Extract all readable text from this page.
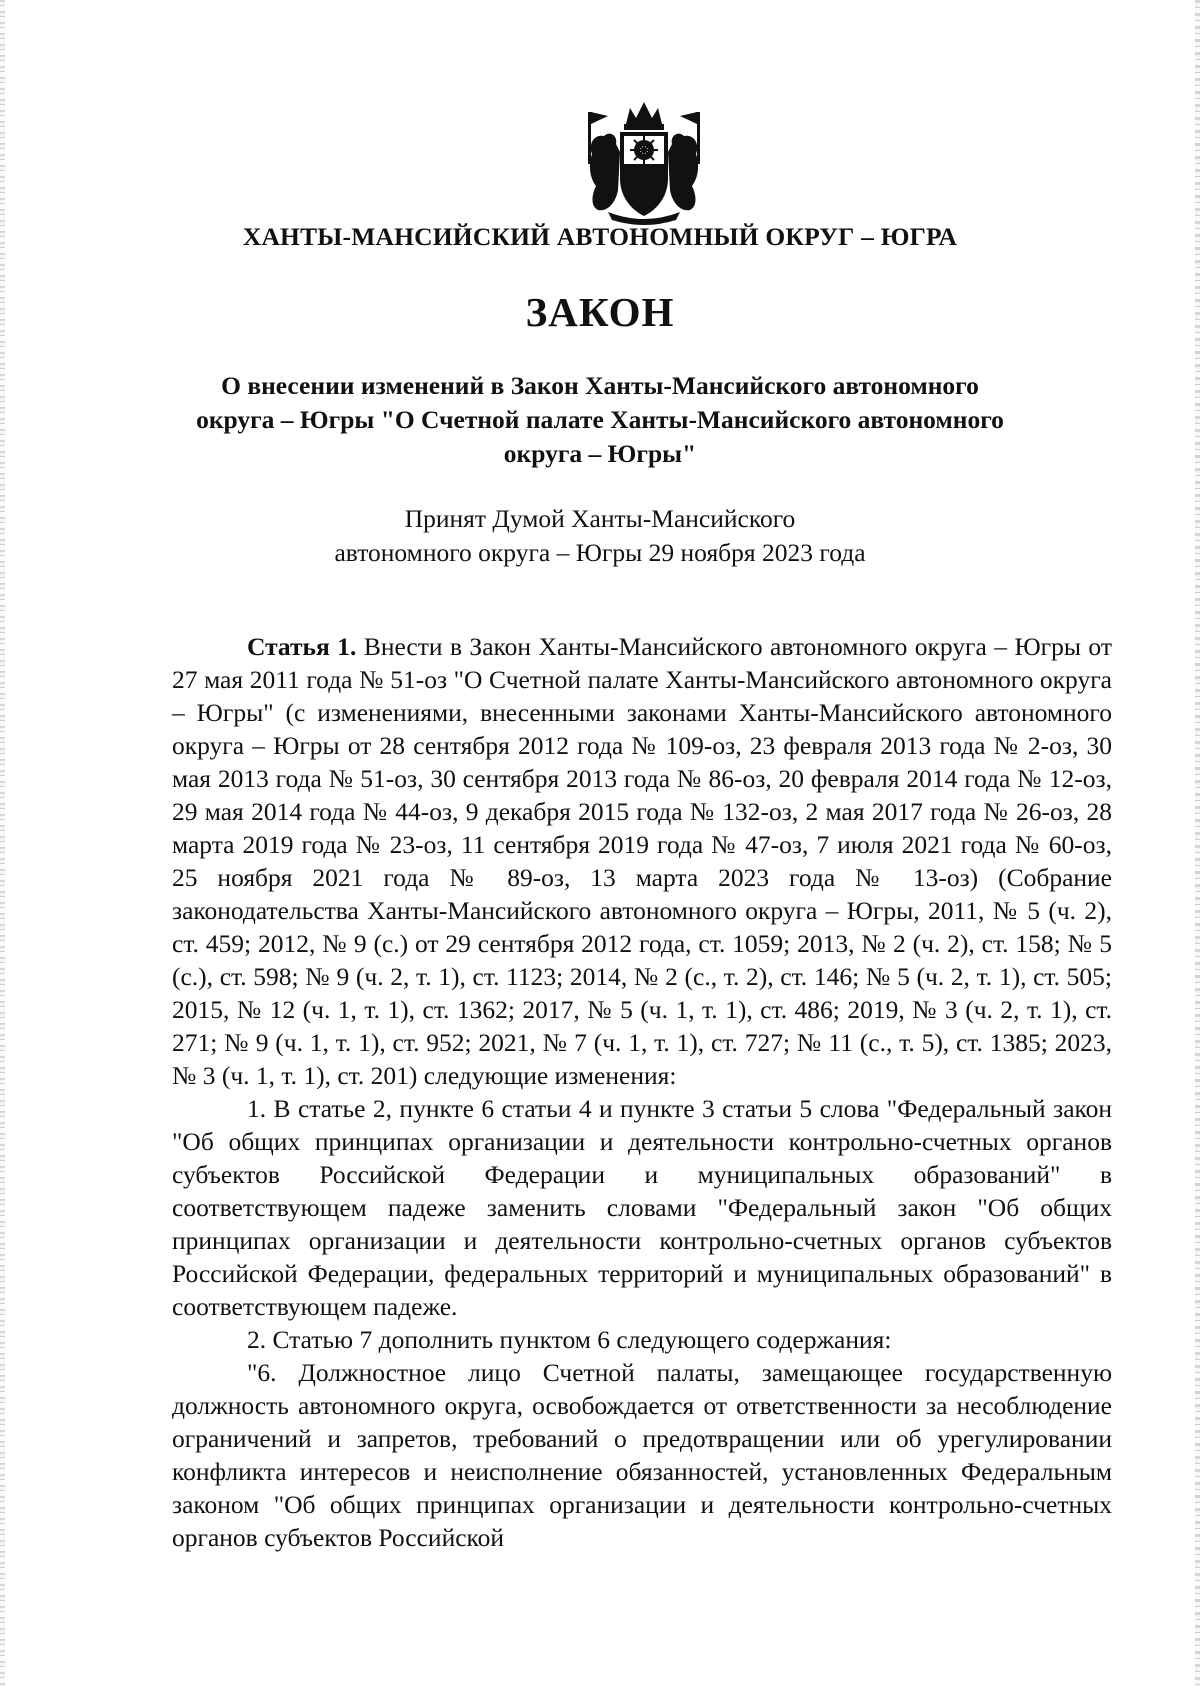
ХАНТЫ-МАНСИЙСКИЙ АВТОНОМНЫЙ ОКРУГ – ЮГРА
ЗАКОН
О внесении изменений в Закон Ханты-Мансийского автономного округа – Югры "О Счетной палате Ханты-Мансийского автономного округа – Югры"
Принят Думой Ханты-Мансийского
автономного округа – Югры 29 ноября 2023 года

Статья 1. Внести в Закон Ханты-Мансийского автономного округа – Югры от 27 мая 2011 года № 51-оз "О Счетной палате Ханты-Мансийского автономного округа – Югры" (с изменениями, внесенными законами Ханты-Мансийского автономного округа – Югры от 28 сентября 2012 года № 109-оз, 23 февраля 2013 года № 2-оз, 30 мая 2013 года № 51-оз, 30 сентября 2013 года № 86-оз, 20 февраля 2014 года № 12-оз, 29 мая 2014 года № 44-оз, 9 декабря 2015 года № 132-оз, 2 мая 2017 года № 26-оз, 28 марта 2019 года № 23-оз, 11 сентября 2019 года № 47-оз, 7 июля 2021 года № 60-оз, 25 ноября 2021 года № 89-оз, 13 марта 2023 года № 13-оз) (Собрание законодательства Ханты-Мансийского автономного округа – Югры, 2011, № 5 (ч. 2), ст. 459; 2012, № 9 (с.) от 29 сентября 2012 года, ст. 1059; 2013, № 2 (ч. 2), ст. 158; № 5 (с.), ст. 598; № 9 (ч. 2, т. 1), ст. 1123; 2014, № 2 (с., т. 2), ст. 146; № 5 (ч. 2, т. 1), ст. 505; 2015, № 12 (ч. 1, т. 1), ст. 1362; 2017, № 5 (ч. 1, т. 1), ст. 486; 2019, № 3 (ч. 2, т. 1), ст. 271; № 9 (ч. 1, т. 1), ст. 952; 2021, № 7 (ч. 1, т. 1), ст. 727; № 11 (с., т. 5), ст. 1385; 2023, № 3 (ч. 1, т. 1), ст. 201) следующие изменения:

1. В статье 2, пункте 6 статьи 4 и пункте 3 статьи 5 слова "Федеральный закон "Об общих принципах организации и деятельности контрольно-счетных органов субъектов Российской Федерации и муниципальных образований" в соответствующем падеже заменить словами "Федеральный закон "Об общих принципах организации и деятельности контрольно-счетных органов субъектов Российской Федерации, федеральных территорий и муниципальных образований" в соответствующем падеже.

2. Статью 7 дополнить пунктом 6 следующего содержания:

"6. Должностное лицо Счетной палаты, замещающее государственную должность автономного округа, освобождается от ответственности за несоблюдение ограничений и запретов, требований о предотвращении или об урегулировании конфликта интересов и неисполнение обязанностей, установленных Федеральным законом "Об общих принципах организации и деятельности контрольно-счетных органов субъектов Российской
